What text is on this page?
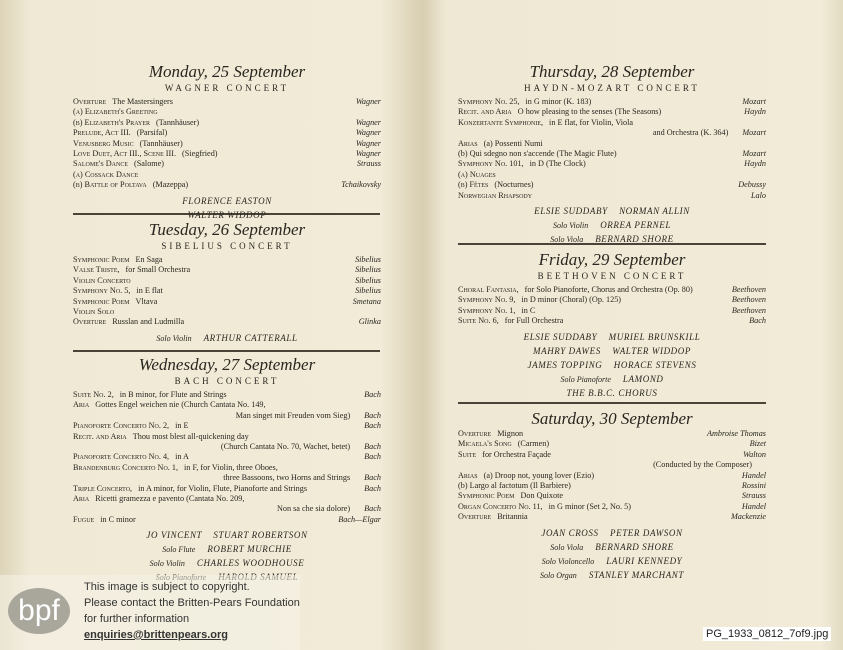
Monday, 25 September
WAGNER CONCERT
Overture The Mastersingers	Wagner
(a) Elizabeth's Greeting
(b) Elizabeth's Prayer (Tannhäuser)	Wagner
Prelude, Act III. (Parsifal)	Wagner
Venusberg Music (Tannhäuser)	Wagner
Love Duet, Act III., Scene III. (Siegfried)	Wagner
Salome's Dance (Salome)	Strauss
(a) Cossack Dance
(b) Battle of Poltava (Mazeppa)	Tchaikovsky
FLORENCE EASTON
WALTER WIDDOP
Tuesday, 26 September
SIBELIUS CONCERT
Symphonic Poem En Saga	Sibelius
Valse Triste, for Small Orchestra	Sibelius
Violin Concerto	Sibelius
Symphony No. 5, in E flat	Sibelius
Symphonic Poem Vltava	Smetana
Violin Solo
Overture Russlan and Ludmilla	Glinka
Solo Violin ARTHUR CATTERALL
Wednesday, 27 September
BACH CONCERT
Suite No. 2, in B minor, for Flute and Strings	Bach
Aria Gottes Engel weichen nie (Church Cantata No. 149,
Man singet mit Freuden vom Sieg) Bach
Pianoforte Concerto No. 2, in E	Bach
Recit. and Aria Thou most blest all-quickening day
(Church Cantata No. 70, Wachet, betet) Bach
Pianoforte Concerto No. 4, in A	Bach
Brandenburg Concerto No. 1, in F, for Violin, three Oboes,
three Bassoons, two Horns and Strings Bach
Triple Concerto, in A minor, for Violin, Flute, Pianoforte and Strings	Bach
Aria Ricetti gramezza e pavento (Cantata No. 209,
Non sa che sia dolore) Bach
Fugue in C minor	Bach—Elgar
JO VINCENT    STUART ROBERTSON
Solo Flute ROBERT MURCHIE
Solo Violin CHARLES WOODHOUSE
Thursday, 28 September
HAYDN-MOZART CONCERT
Symphony No. 25, in G minor (K. 183)	Mozart
Recit. and Aria O how pleasing to the senses (The Seasons)	Haydn
Konzertante Symphonie, in E flat, for Violin, Viola
and Orchestra (K. 364) Mozart
Arias (a) Possenti Numi
(b) Qui sdegno non s'accende (The Magic Flute)	Mozart
Symphony No. 101, in D (The Clock)	Haydn
(a) Nuages
(b) Fêtes (Nocturnes)	Debussy
Norwegian Rhapsody	Lalo
ELSIE SUDDABY    NORMAN ALLIN
Solo Violin ORREA PERNEL
Solo Viola BERNARD SHORE
Friday, 29 September
BEETHOVEN CONCERT
Choral Fantasia, for Solo Pianoforte, Chorus and Orchestra (Op. 80)	Beethoven
Symphony No. 9, in D minor (Choral) (Op. 125)	Beethoven
Symphony No. 1, in C	Beethoven
Suite No. 6, for Full Orchestra	Bach
ELSIE SUDDABY    MURIEL BRUNSKILL
MAHRY DAWES    WALTER WIDDOP
JAMES TOPPING    HORACE STEVENS
Solo Pianoforte LAMOND
THE B.B.C. CHORUS
Saturday, 30 September
Overture Mignon	Ambroise Thomas
Micaela's Song (Carmen)	Bizet
Suite for Orchestra Façade	Walton
(Conducted by the Composer)
Arias (a) Droop not, young lover (Ezio)	Handel
(b) Largo al factotum (Il Barbiere)	Rossini
Symphonic Poem Don Quixote	Strauss
Organ Concerto No. 11, in G minor (Set 2, No. 5)	Handel
Overture Britannia	Mackenzie
JOAN CROSS    PETER DAWSON
Solo Viola BERNARD SHORE
Solo Violoncello LAURI KENNEDY
Solo Organ STANLEY MARCHANT
bpf
This image is subject to copyright.
Please contact the Britten-Pears Foundation
for further information
enquiries@brittenpears.org	PG_1933_0812_7of9.jpg
